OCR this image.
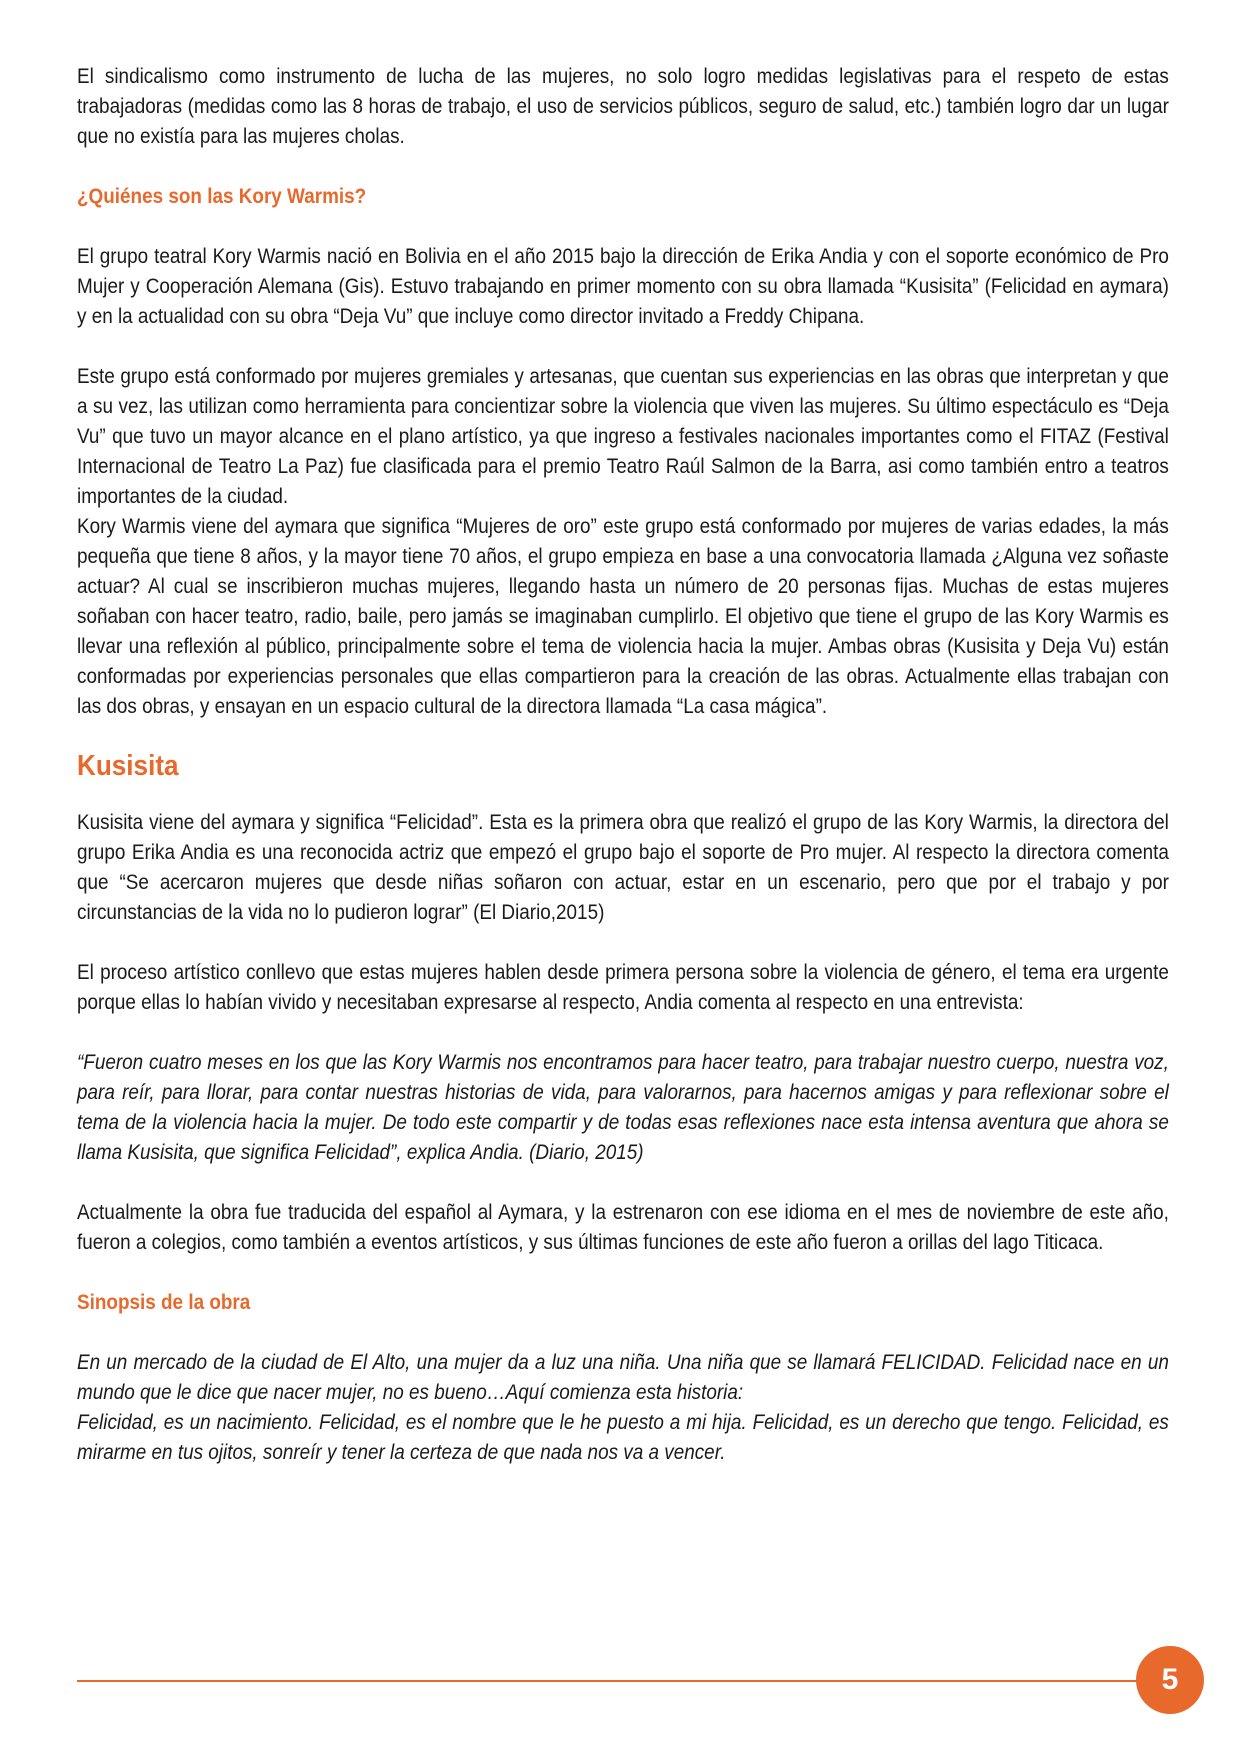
El sindicalismo como instrumento de lucha de las mujeres, no solo logro medidas legislativas para el respeto de estas trabajadoras (medidas como las 8 horas de trabajo, el uso de servicios públicos, seguro de salud, etc.) también logro dar un lugar que no existía para las mujeres cholas.

¿Quiénes son las Kory Warmis?

El grupo teatral Kory Warmis nació en Bolivia en el año 2015 bajo la dirección de Erika Andia y con el soporte económico de Pro Mujer y Cooperación Alemana (Gis). Estuvo trabajando en primer momento con su obra llamada “Kusisita” (Felicidad en aymara) y en la actualidad con su obra “Deja Vu” que incluye como director invitado a Freddy Chipana.

Este grupo está conformado por mujeres gremiales y artesanas, que cuentan sus experiencias en las obras que interpretan y que a su vez, las utilizan como herramienta para concientizar sobre la violencia que viven las mujeres. Su último espectáculo es “Deja Vu” que tuvo un mayor alcance en el plano artístico, ya que ingreso a festivales nacionales importantes como el FITAZ (Festival Internacional de Teatro La Paz) fue clasificada para el premio Teatro Raúl Salmon de la Barra, asi como también entro a teatros importantes de la ciudad.

Kory Warmis viene del aymara que significa “Mujeres de oro” este grupo está conformado por mujeres de varias edades, la más pequeña que tiene 8 años, y la mayor tiene 70 años, el grupo empieza en base a una convocatoria llamada ¿Alguna vez soñaste actuar? Al cual se inscribieron muchas mujeres, llegando hasta un número de 20 personas fijas. Muchas de estas mujeres soñaban con hacer teatro, radio, baile, pero jamás se imaginaban cumplirlo. El objetivo que tiene el grupo de las Kory Warmis es llevar una reflexión al público, principalmente sobre el tema de violencia hacia la mujer. Ambas obras (Kusisita y Deja Vu) están conformadas por experiencias personales que ellas compartieron para la creación de las obras. Actualmente ellas trabajan con las dos obras, y ensayan en un espacio cultural de la directora llamada “La casa mágica”.

Kusisita

Kusisita viene del aymara y significa “Felicidad”. Esta es la primera obra que realizó el grupo de las Kory Warmis, la directora del grupo Erika Andia es una reconocida actriz que empezó el grupo bajo el soporte de Pro mujer. Al respecto la directora comenta que “Se acercaron mujeres que desde niñas soñaron con actuar, estar en un escenario, pero que por el trabajo y por circunstancias de la vida no lo pudieron lograr” (El Diario,2015)

El proceso artístico conllevo que estas mujeres hablen desde primera persona sobre la violencia de género, el tema era urgente porque ellas lo habían vivido y necesitaban expresarse al respecto, Andia comenta al respecto en una entrevista:

“Fueron cuatro meses en los que las Kory Warmis nos encontramos para hacer teatro, para trabajar nuestro cuerpo, nuestra voz, para reír, para llorar, para contar nuestras historias de vida, para valorarnos, para hacernos amigas y para reflexionar sobre el tema de la violencia hacia la mujer. De todo este compartir y de todas esas reflexiones nace esta intensa aventura que ahora se llama Kusisita, que significa Felicidad”, explica Andia. (Diario, 2015)

Actualmente la obra fue traducida del español al Aymara, y la estrenaron con ese idioma en el mes de noviembre de este año, fueron a colegios, como también a eventos artísticos, y sus últimas funciones de este año fueron a orillas del lago Titicaca.

Sinopsis de la obra

En un mercado de la ciudad de El Alto, una mujer da a luz una niña. Una niña que se llamará FELICIDAD. Felicidad nace en un mundo que le dice que nacer mujer, no es bueno…Aquí comienza esta historia:

Felicidad, es un nacimiento. Felicidad, es el nombre que le he puesto a mi hija. Felicidad, es un derecho que tengo. Felicidad, es mirarme en tus ojitos, sonreír y tener la certeza de que nada nos va a vencer.

5
